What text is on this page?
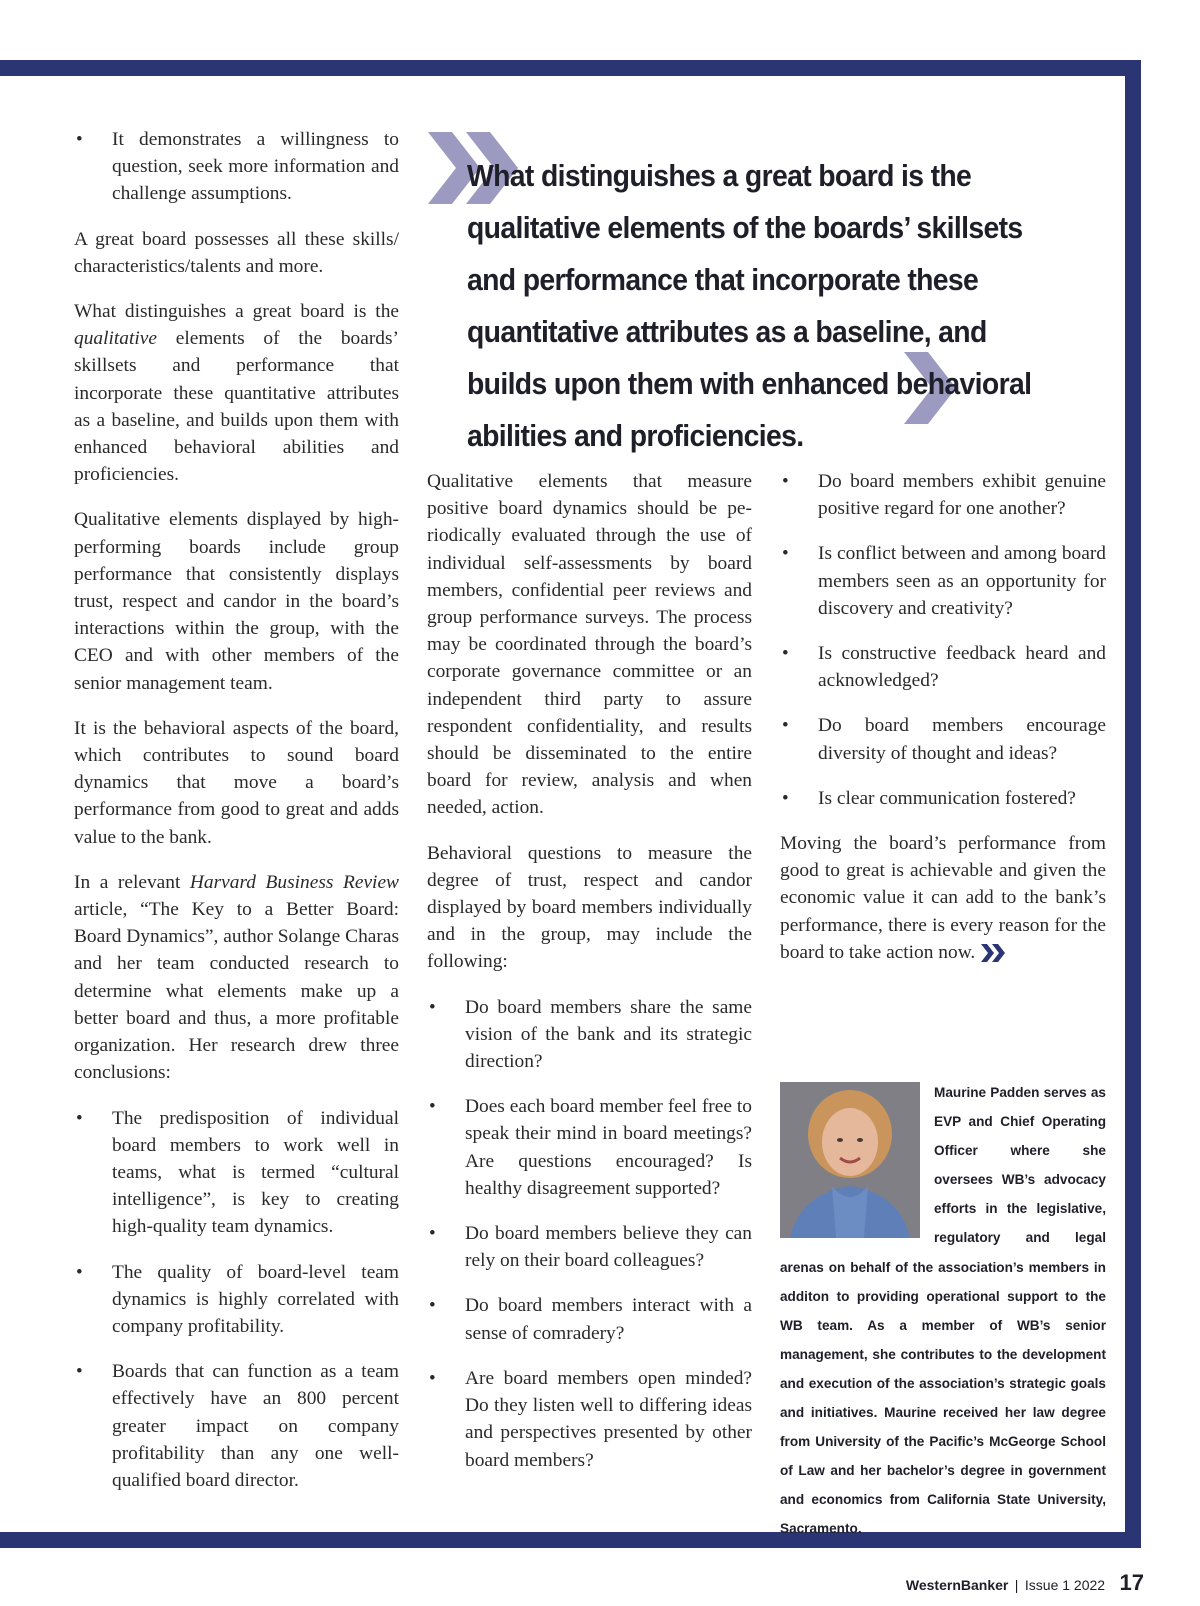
What distinguishes a great board is the qualitative elements of the boards’ skillsets and performance that incorporate these quantitative attributes as a baseline, and builds upon them with enhanced behavioral abilities and proficiencies.
• It demonstrates a willingness to question, seek more information and challenge assumptions.

A great board possesses all these skills/ characteristics/talents and more.

What distinguishes a great board is the qualitative elements of the boards’ skillsets and performance that incorporate these quantitative attributes as a baseline, and builds upon them with enhanced behavioral abilities and proficiencies.

Qualitative elements displayed by high-performing boards include group performance that consistently displays trust, respect and candor in the board’s interactions within the group, with the CEO and with other members of the senior management team.

It is the behavioral aspects of the board, which contributes to sound board dynamics that move a board’s performance from good to great and adds value to the bank.

In a relevant Harvard Business Review article, “The Key to a Better Board: Board Dynamics”, author Solange Charas and her team conducted research to determine what elements make up a better board and thus, a more profitable organization. Her research drew three conclusions:

• The predisposition of individual board members to work well in teams, what is termed “cultural intelligence”, is key to creating high-quality team dynamics.
• The quality of board-level team dynamics is highly correlated with company profitability.
• Boards that can function as a team effectively have an 800 percent greater impact on company profitability than any one well-qualified board director.

Qualitative elements that measure positive board dynamics should be periodically evaluated through the use of individual self-assessments by board members, confidential peer reviews and group performance surveys. The process may be coordinated through the board’s corporate governance committee or an independent third party to assure respondent confidentiality, and results should be disseminated to the entire board for review, analysis and when needed, action.

Behavioral questions to measure the degree of trust, respect and candor displayed by board members individually and in the group, may include the following:

• Do board members share the same vision of the bank and its strategic direction?
• Does each board member feel free to speak their mind in board meetings? Are questions encouraged? Is healthy disagreement supported?
• Do board members believe they can rely on their board colleagues?
• Do board members interact with a sense of comradery?
• Are board members open minded? Do they listen well to differing ideas and perspectives presented by other board members?
• Do board members exhibit genuine positive regard for one another?
• Is conflict between and among board members seen as an opportunity for discovery and creativity?
• Is constructive feedback heard and acknowledged?
• Do board members encourage diversity of thought and ideas?
• Is clear communication fostered?

Moving the board’s performance from good to great is achievable and given the economic value it can add to the bank’s performance, there is every reason for the board to take action now.

Maurine Padden serves as EVP and Chief Operating Officer where she oversees WB’s advocacy efforts in the legislative, regulatory and legal arenas on behalf of the association’s members in additon to providing operational support to the WB team. As a member of WB’s senior management, she contributes to the development and execution of the association’s strategic goals and initiatives. Maurine received her law degree from University of the Pacific’s McGeorge School of Law and her bachelor’s degree in government and economics from California State University, Sacramento.
WesternBanker | Issue 1 2022 17
